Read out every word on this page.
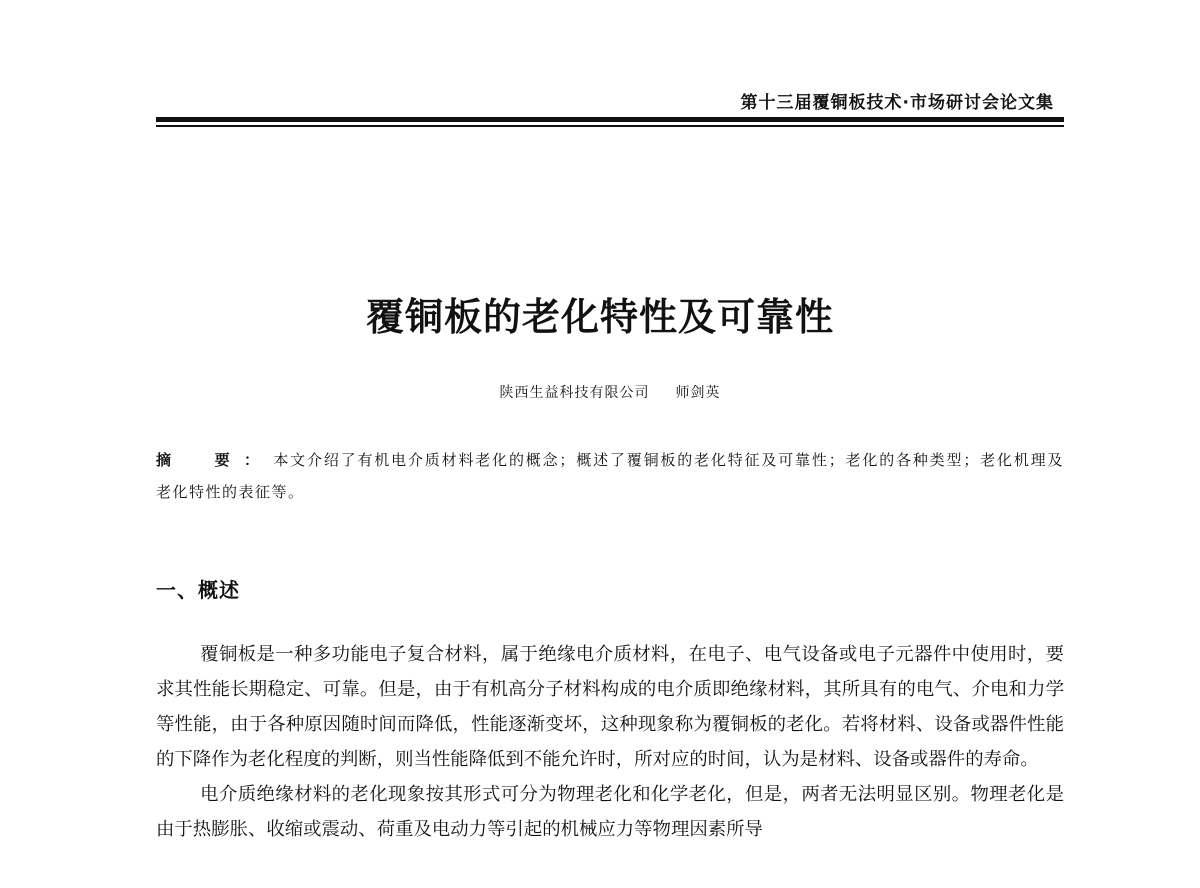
第十三届覆铜板技术·市场研讨会论文集
覆铜板的老化特性及可靠性
陕西生益科技有限公司 师剑英
摘　要：本文介绍了有机电介质材料老化的概念；概述了覆铜板的老化特征及可靠性；老化的各种类型；老化机理及老化特性的表征等。
一、概述

覆铜板是一种多功能电子复合材料，属于绝缘电介质材料，在电子、电气设备或电子元器件中使用时，要求其性能长期稳定、可靠。但是，由于有机高分子材料构成的电介质即绝缘材料，其所具有的电气、介电和力学等性能，由于各种原因随时间而降低，性能逐渐变坏，这种现象称为覆铜板的老化。若将材料、设备或器件性能的下降作为老化程度的判断，则当性能降低到不能允许时，所对应的时间，认为是材料、设备或器件的寿命。

电介质绝缘材料的老化现象按其形式可分为物理老化和化学老化，但是，两者无法明显区别。物理老化是由于热膨胀、收缩或震动、荷重及电动力等引起的机械应力等物理因素所导
